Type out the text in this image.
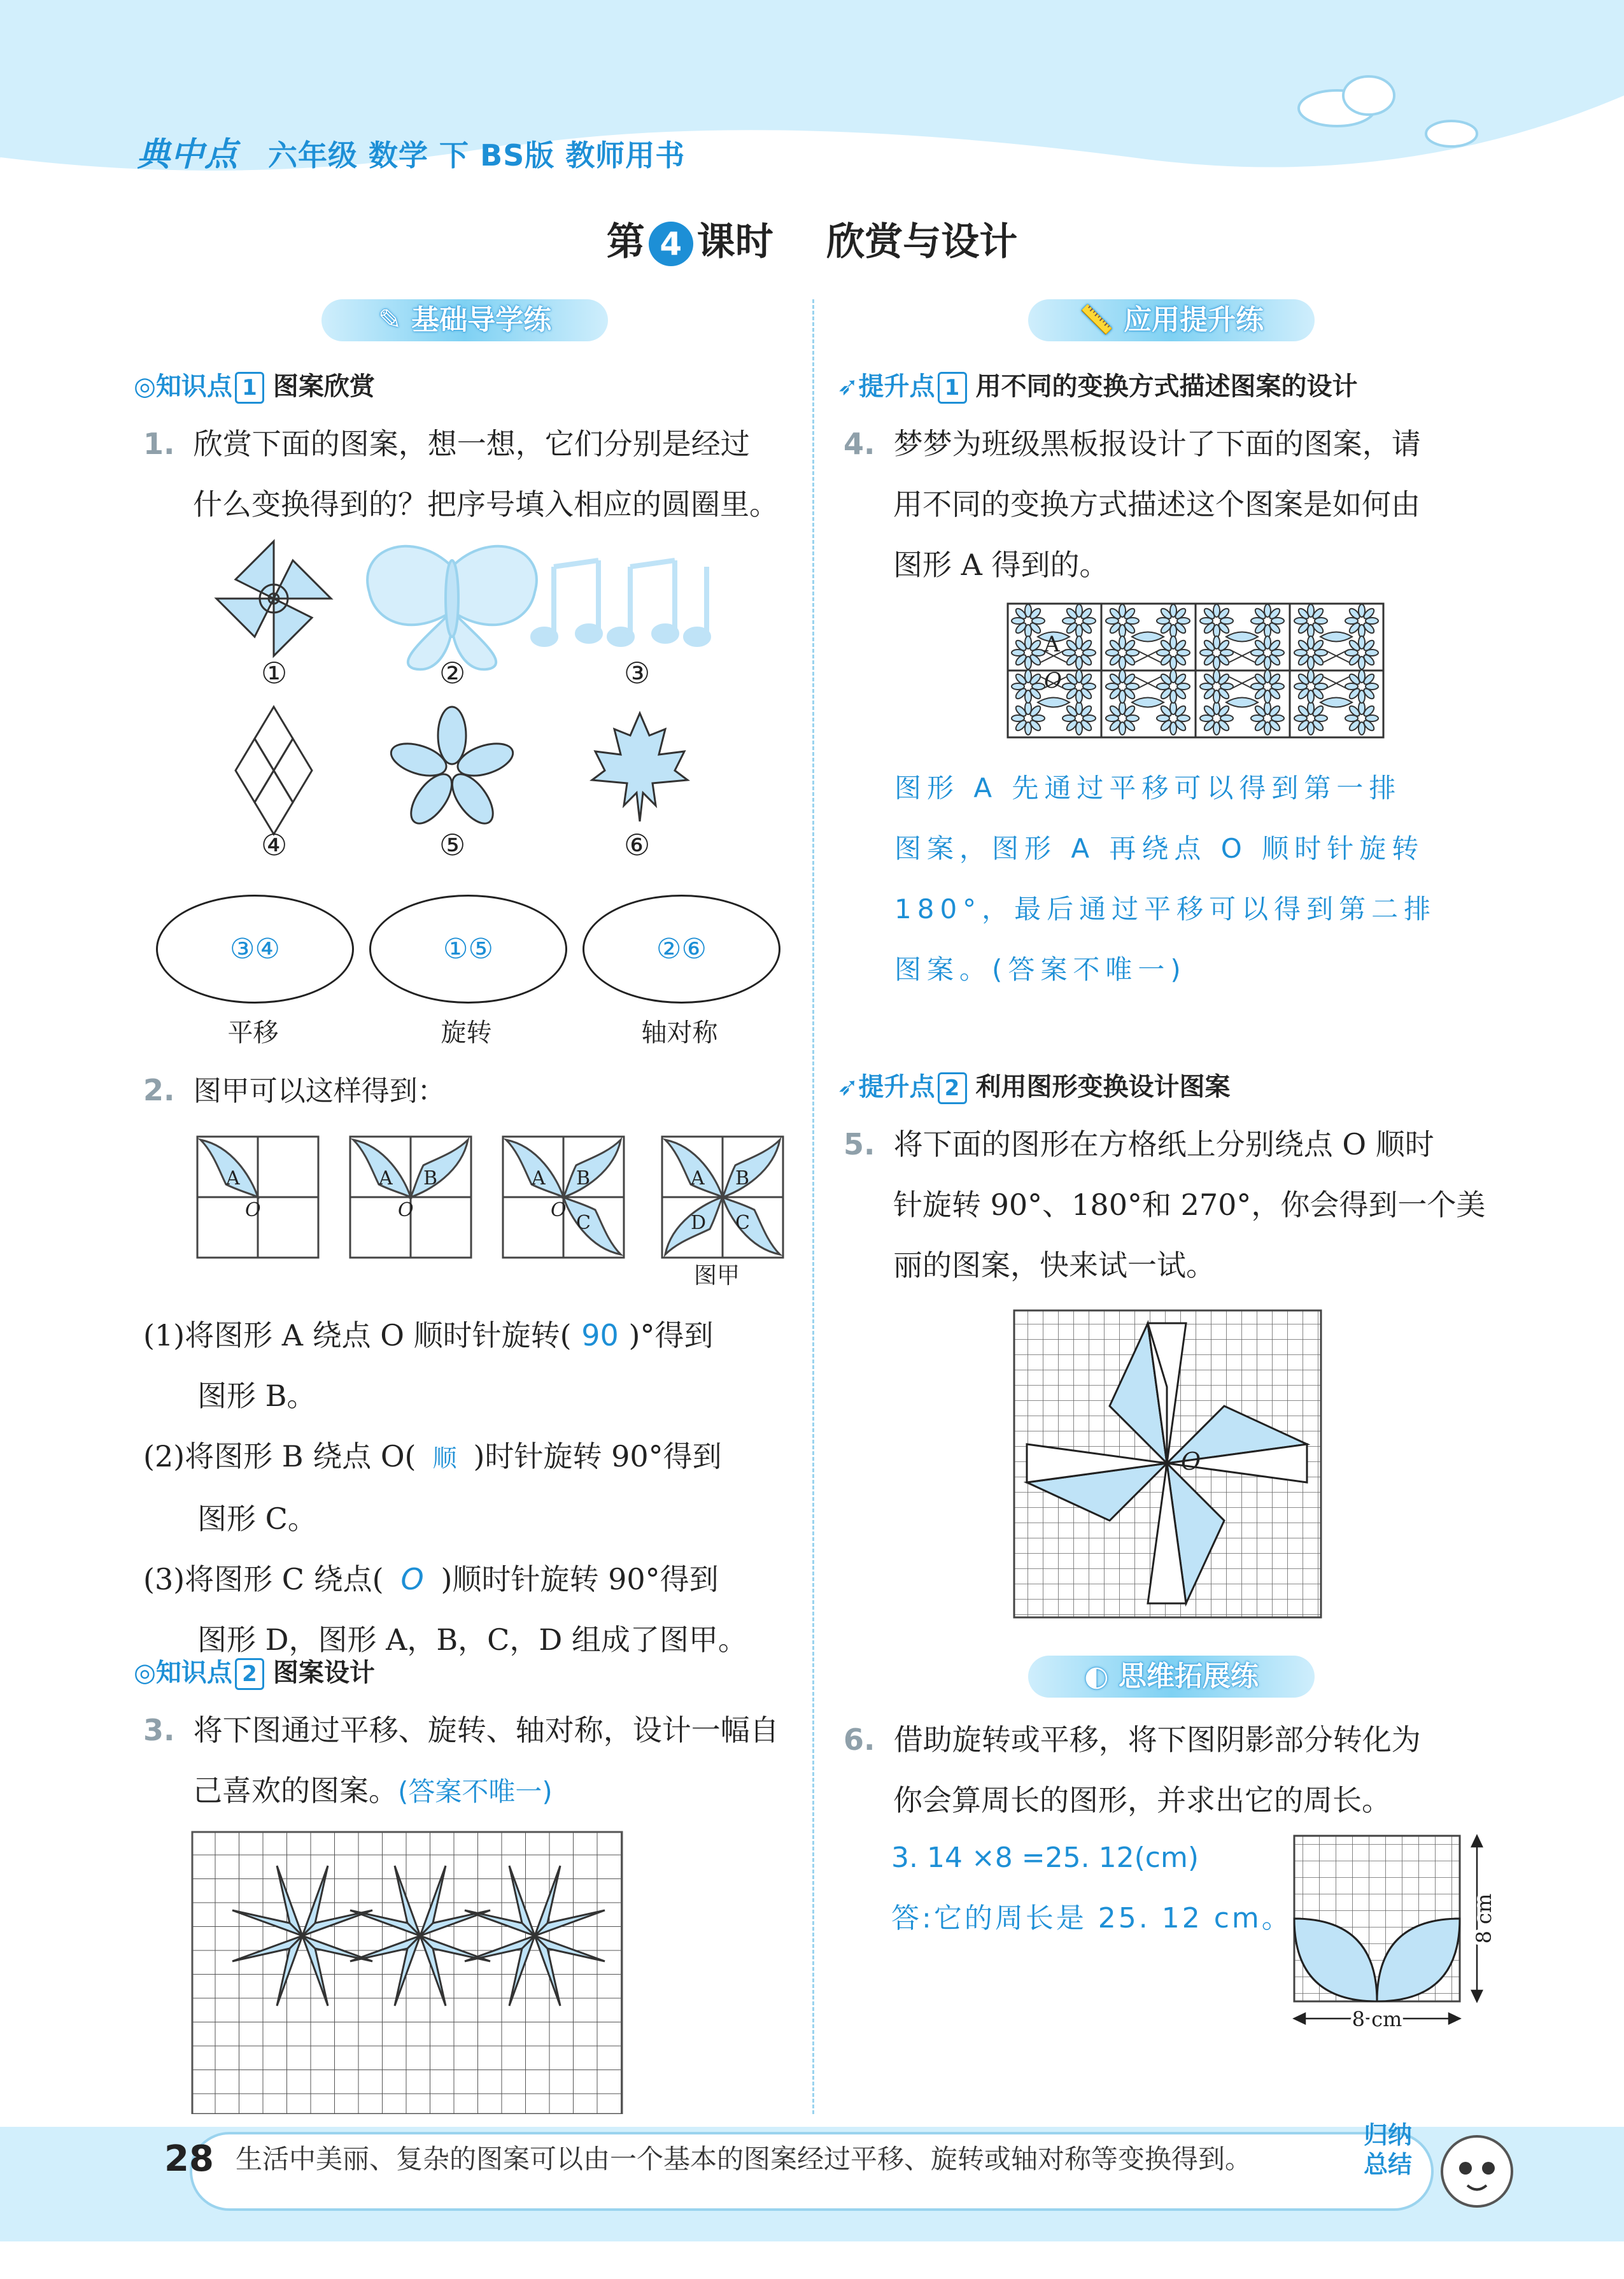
典中点 六年级 数学 下 BS版 教师用书
第 4 课时 欣赏与设计
✎ 基础导学练
◎知识点 1 图案欣赏
1. 欣赏下面的图案，想一想，它们分别是经过
什么变换得到的？把序号填入相应的圆圈里。
①	②	③
④	⑤	⑥
③④	①⑤	②⑥
平移	旋转	轴对称
2. 图甲可以这样得到：
A
O
A B
O
A B
C
O
A B
C
D
图甲
(1)将图形 A 绕点 O 顺时针旋转( 90 )°得到
图形 B。
(2)将图形 B 绕点 O( 顺 )时针旋转 90°得到
图形 C。
(3)将图形 C 绕点( O )顺时针旋转 90°得到
图形 D，图形 A，B，C，D 组成了图甲。
◎知识点 2 图案设计
3. 将下图通过平移、旋转、轴对称，设计一幅自
己喜欢的图案。(答案不唯一)
📏 应用提升练
➶提升点 1 用不同的变换方式描述图案的设计
4. 梦梦为班级黑板报设计了下面的图案，请
用不同的变换方式描述这个图案是如何由
图形 A 得到的。
A
O
图形 A 先通过平移可以得到第一排
图案，图形 A 再绕点 O 顺时针旋转
180°，最后通过平移可以得到第二排
图案。(答案不唯一)
➶提升点 2 利用图形变换设计图案
5. 将下面的图形在方格纸上分别绕点 O 顺时
针旋转 90°、180°和 270°，你会得到一个美
丽的图案，快来试一试。
O
◐ 思维拓展练
6. 借助旋转或平移，将下图阴影部分转化为
你会算周长的图形，并求出它的周长。
3. 14 ×8 =25. 12(cm)
答:它的周长是 25. 12 cm。
8 cm
8 cm
28 生活中美丽、复杂的图案可以由一个基本的图案经过平移、旋转或轴对称等变换得到。
归纳
总结
